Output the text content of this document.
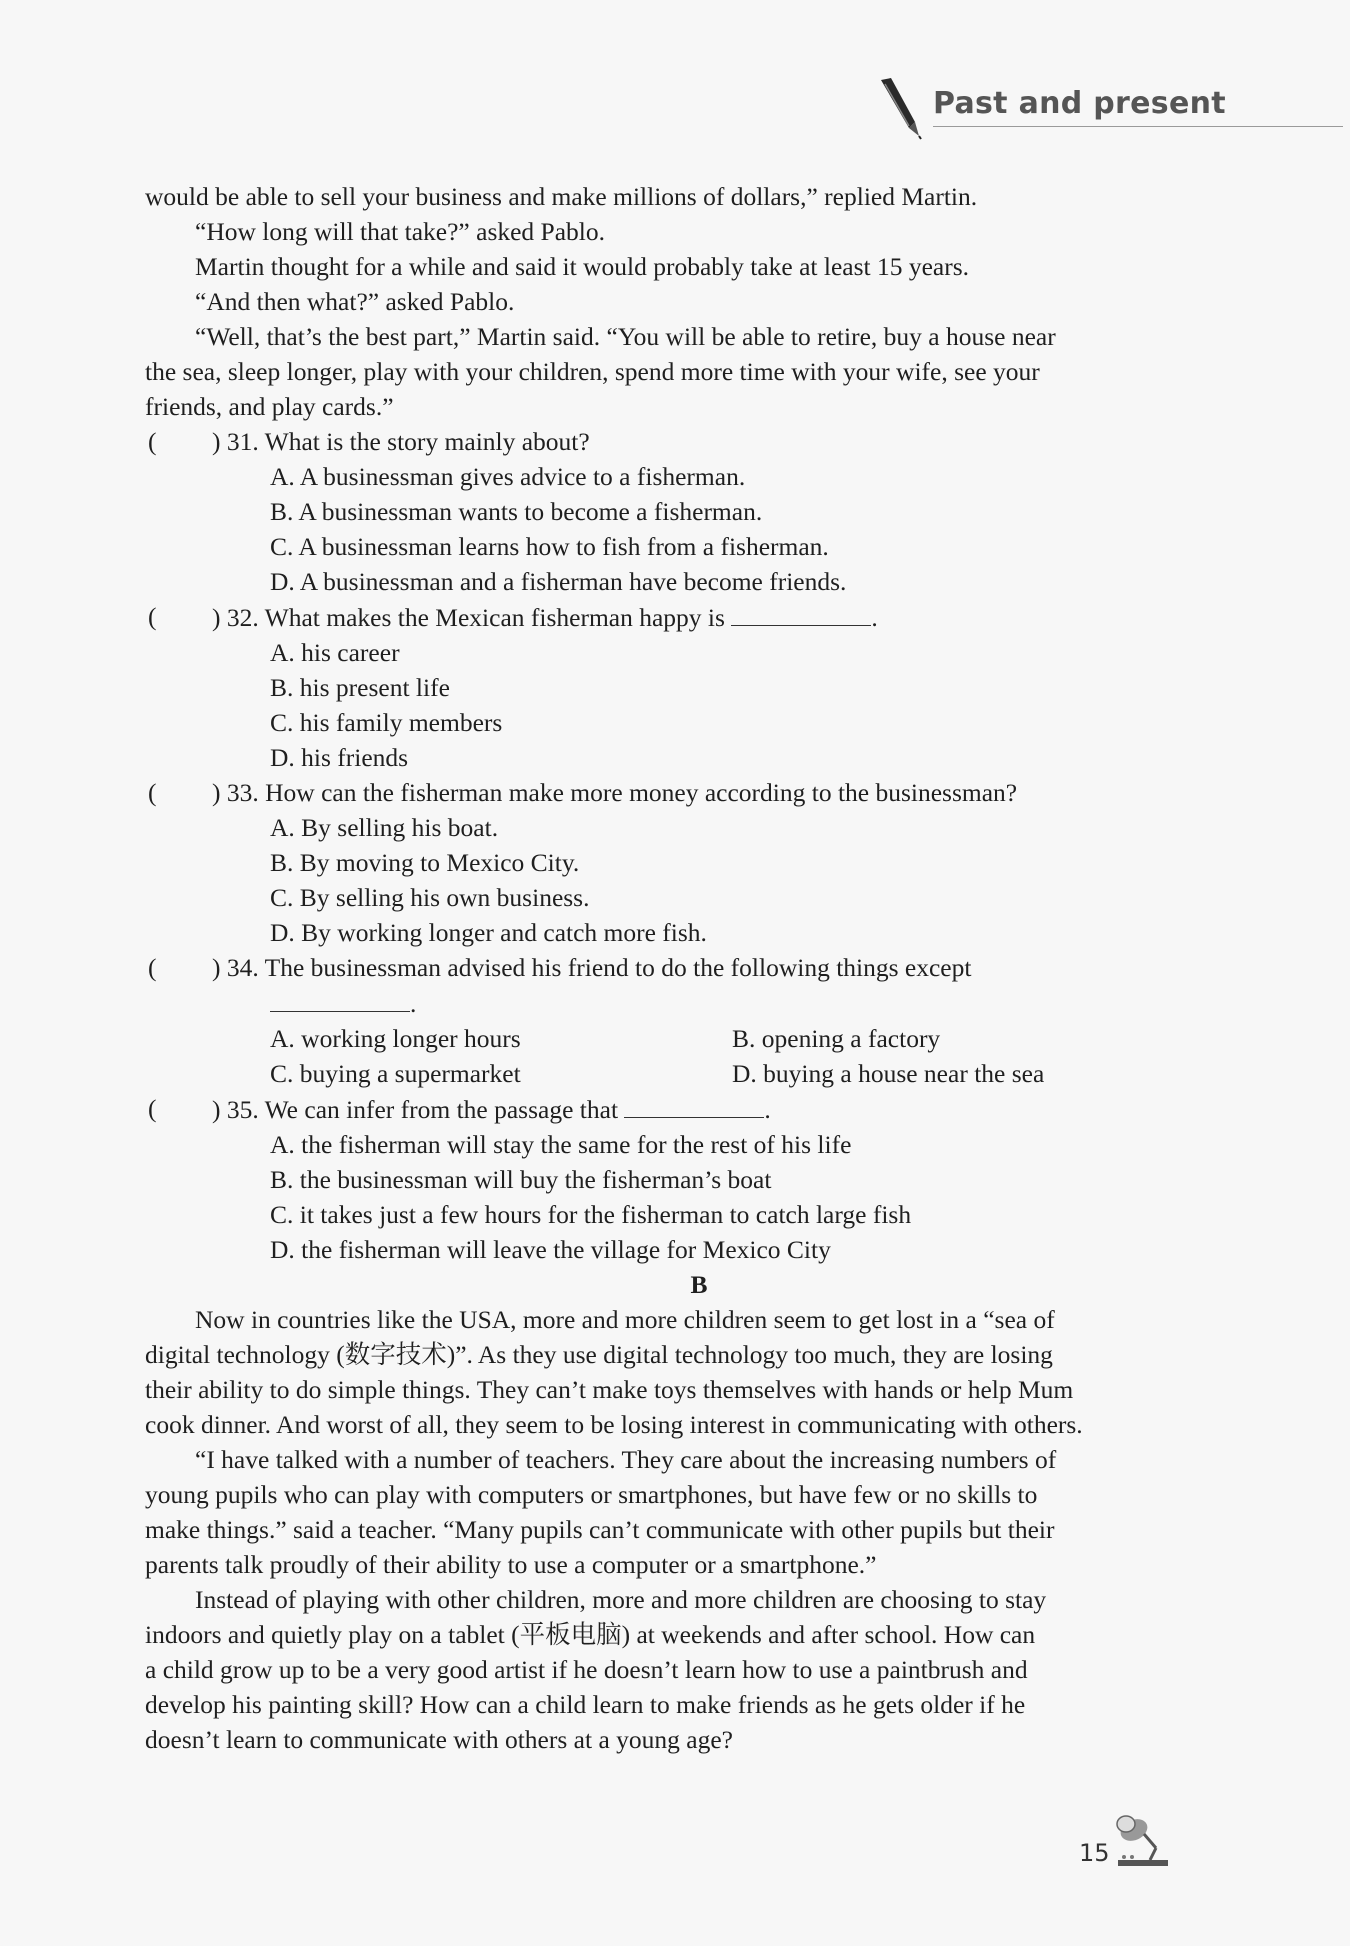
Past and present
would be able to sell your business and make millions of dollars,” replied Martin.
“How long will that take?” asked Pablo.
Martin thought for a while and said it would probably take at least 15 years.
“And then what?” asked Pablo.
“Well, that’s the best part,” Martin said. “You will be able to retire, buy a house near
the sea, sleep longer, play with your children, spend more time with your wife, see your
friends, and play cards.”
( ) 31. What is the story mainly about?
A. A businessman gives advice to a fisherman.
B. A businessman wants to become a fisherman.
C. A businessman learns how to fish from a fisherman.
D. A businessman and a fisherman have become friends.
( ) 32. What makes the Mexican fisherman happy is	.
A. his career
B. his present life
C. his family members
D. his friends
( ) 33. How can the fisherman make more money according to the businessman?
A. By selling his boat.
B. By moving to Mexico City.
C. By selling his own business.
D. By working longer and catch more fish.
( ) 34. The businessman advised his friend to do the following things except
.
A. working longer hours	B. opening a factory
C. buying a supermarket	D. buying a house near the sea
( ) 35. We can infer from the passage that	.
A. the fisherman will stay the same for the rest of his life
B. the businessman will buy the fisherman’s boat
C. it takes just a few hours for the fisherman to catch large fish
D. the fisherman will leave the village for Mexico City
B
Now in countries like the USA, more and more children seem to get lost in a “sea of
digital technology (数字技术)”. As they use digital technology too much, they are losing
their ability to do simple things. They can’t make toys themselves with hands or help Mum
cook dinner. And worst of all, they seem to be losing interest in communicating with others.
“I have talked with a number of teachers. They care about the increasing numbers of
young pupils who can play with computers or smartphones, but have few or no skills to
make things.” said a teacher. “Many pupils can’t communicate with other pupils but their
parents talk proudly of their ability to use a computer or a smartphone.”
Instead of playing with other children, more and more children are choosing to stay
indoors and quietly play on a tablet (平板电脑) at weekends and after school. How can
a child grow up to be a very good artist if he doesn’t learn how to use a paintbrush and
develop his painting skill? How can a child learn to make friends as he gets older if he
doesn’t learn to communicate with others at a young age?
15
